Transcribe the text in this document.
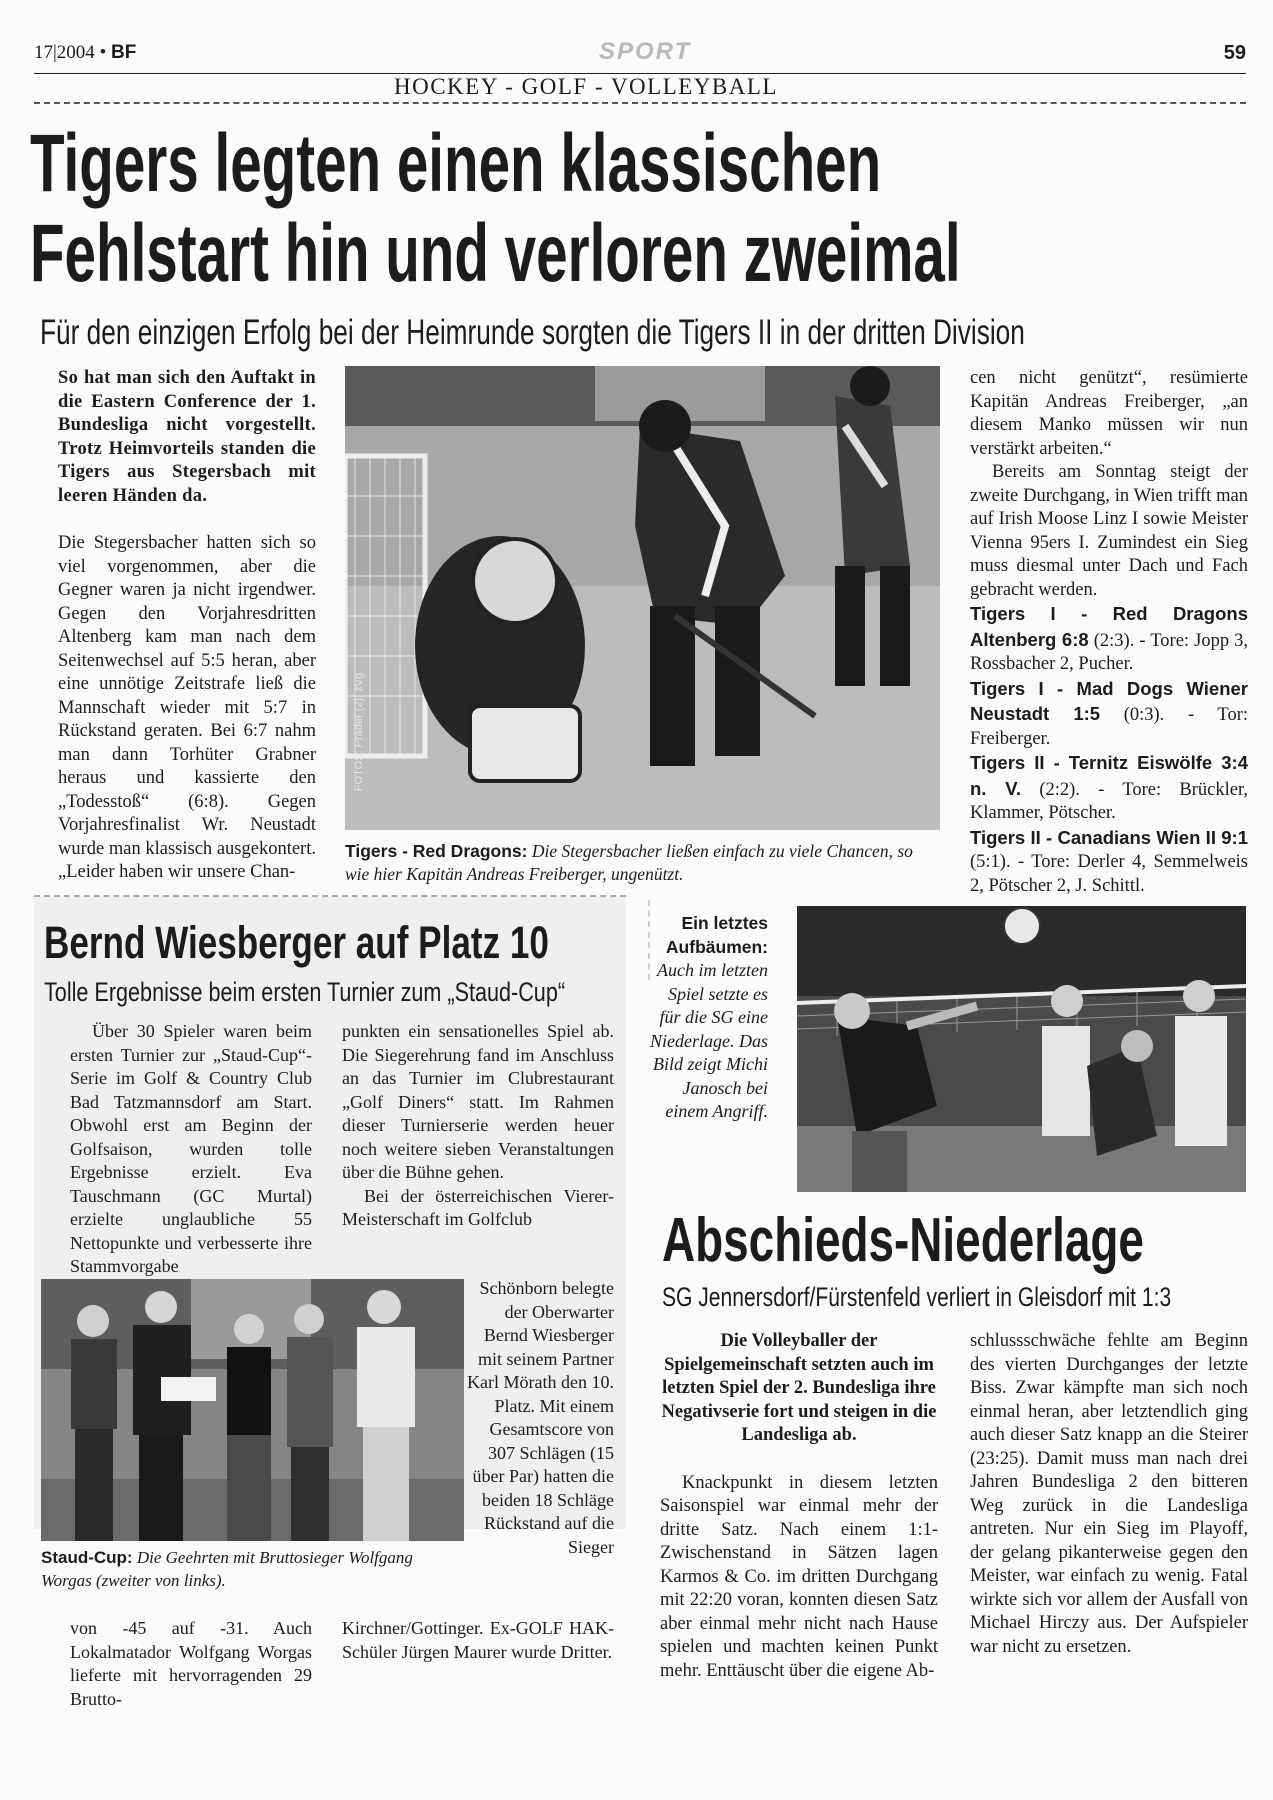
17|2004 • BF	SPORT	59
HOCKEY - GOLF - VOLLEYBALL
Tigers legten einen klassischen
Fehlstart hin und verloren zweimal
Für den einzigen Erfolg bei der Heimrunde sorgten die Tigers II in der dritten Division

So hat man sich den Auftakt in die Eastern Conference der 1. Bundesliga nicht vorgestellt. Trotz Heimvorteils standen die Tigers aus Stegersbach mit leeren Händen da.

Die Stegersbacher hatten sich so viel vorgenommen, aber die Gegner waren ja nicht irgendwer. Gegen den Vorjahresdritten Altenberg kam man nach dem Seitenwechsel auf 5:5 heran, aber eine unnötige Zeitstrafe ließ die Mannschaft wieder mit 5:7 in Rückstand geraten. Bei 6:7 nahm man dann Torhüter Grabner heraus und kassierte den „Todesstoß“ (6:8). Gegen Vorjahresfinalist Wr. Neustadt wurde man klassisch ausgekontert. „Leider haben wir unsere Chan-

FOTOS: Prader (2), zVg
Tigers - Red Dragons: Die Stegersbacher ließen einfach zu viele Chancen, so wie hier Kapitän Andreas Freiberger, ungenützt.

cen nicht genützt“, resümierte Kapitän Andreas Freiberger, „an diesem Manko müssen wir nun verstärkt arbeiten.“

Bereits am Sonntag steigt der zweite Durchgang, in Wien trifft man auf Irish Moose Linz I sowie Meister Vienna 95ers I. Zumindest ein Sieg muss diesmal unter Dach und Fach gebracht werden.

Tigers I - Red Dragons Altenberg 6:8 (2:3). - Tore: Jopp 3, Rossbacher 2, Pucher.
Tigers I - Mad Dogs Wiener Neustadt 1:5 (0:3). - Tor: Freiberger.
Tigers II - Ternitz Eiswölfe 3:4 n. V. (2:2). - Tore: Brückler, Klammer, Pötscher.
Tigers II - Canadians Wien II 9:1 (5:1). - Tore: Derler 4, Semmelweis 2, Pötscher 2, J. Schittl.
Bernd Wiesberger auf Platz 10
Tolle Ergebnisse beim ersten Turnier zum „Staud-Cup“

Über 30 Spieler waren beim ersten Turnier zur „Staud-Cup“-Serie im Golf & Country Club Bad Tatzmannsdorf am Start. Obwohl erst am Beginn der Golfsaison, wurden tolle Ergebnisse erzielt. Eva Tauschmann (GC Murtal) erzielte unglaubliche 55 Nettopunkte und verbesserte ihre Stammvorgabe

punkten ein sensationelles Spiel ab. Die Siegerehrung fand im Anschluss an das Turnier im Clubrestaurant „Golf Diners“ statt. Im Rahmen dieser Turnierserie werden heuer noch weitere sieben Veranstaltungen über die Bühne gehen.

Bei der österreichischen Vierer-Meisterschaft im Golfclub

Schönborn belegte der Oberwarter Bernd Wiesberger mit seinem Partner Karl Mörath den 10. Platz. Mit einem Gesamtscore von 307 Schlägen (15 über Par) hatten die beiden 18 Schläge Rückstand auf die Sieger

Staud-Cup: Die Geehrten mit Bruttosieger Wolfgang Worgas (zweiter von links).

von -45 auf -31. Auch Lokalmatador Wolfgang Worgas lieferte mit hervorragenden 29 Brutto-

Kirchner/Gottinger. Ex-GOLF HAK-Schüler Jürgen Maurer wurde Dritter.

Ein letztes Aufbäumen:
Auch im letzten Spiel setzte es für die SG eine Niederlage. Das Bild zeigt Michi Janosch bei einem Angriff.
Abschieds-Niederlage
SG Jennersdorf/Fürstenfeld verliert in Gleisdorf mit 1:3

Die Volleyballer der Spielgemeinschaft setzten auch im letzten Spiel der 2. Bundesliga ihre Negativserie fort und steigen in die Landesliga ab.

Knackpunkt in diesem letzten Saisonspiel war einmal mehr der dritte Satz. Nach einem 1:1-Zwischenstand in Sätzen lagen Karmos & Co. im dritten Durchgang mit 22:20 voran, konnten diesen Satz aber einmal mehr nicht nach Hause spielen und machten keinen Punkt mehr. Enttäuscht über die eigene Ab-

schlussschwäche fehlte am Beginn des vierten Durchganges der letzte Biss. Zwar kämpfte man sich noch einmal heran, aber letztendlich ging auch dieser Satz knapp an die Steirer (23:25). Damit muss man nach drei Jahren Bundesliga 2 den bitteren Weg zurück in die Landesliga antreten. Nur ein Sieg im Playoff, der gelang pikanterweise gegen den Meister, war einfach zu wenig. Fatal wirkte sich vor allem der Ausfall von Michael Hirczy aus. Der Aufspieler war nicht zu ersetzen.
